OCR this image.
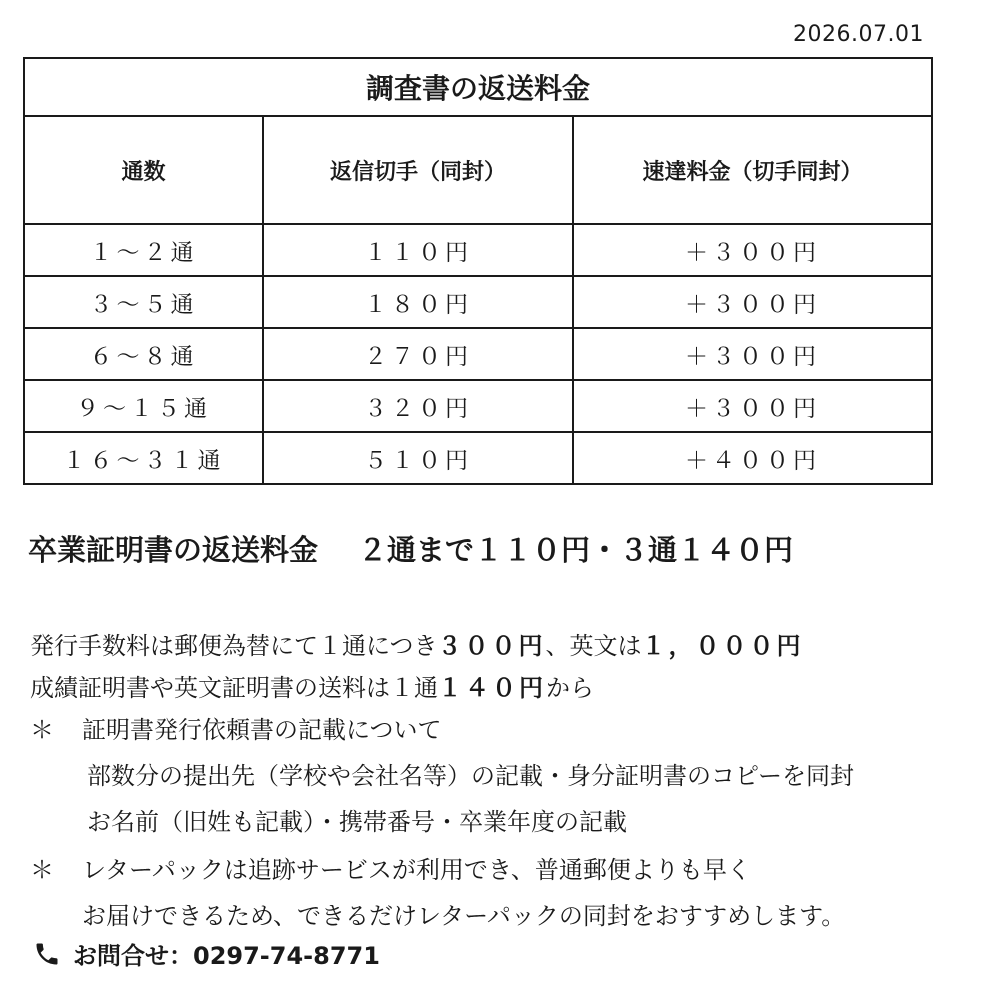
2026.07.01
調査書の返送料金		
通数	返信切手（同封）	速達料金（切手同封）
１～２通	１１０円	＋３００円
３～５通	１８０円	＋３００円
６～８通	２７０円	＋３００円
９～１５通	３２０円	＋３００円
１６～３１通	５１０円	＋４００円
卒業証明書の返送料金 ２通まで１１０円・３通１４０円
発行手数料は郵便為替にて１通につき３００円、英文は１，０００円
成績証明書や英文証明書の送料は１通１４０円から
＊ 証明書発行依頼書の記載について
部数分の提出先（学校や会社名等）の記載・身分証明書のコピーを同封
お名前（旧姓も記載）・携帯番号・卒業年度の記載
＊ レターパックは追跡サービスが利用でき、普通郵便よりも早く
お届けできるため、できるだけレターパックの同封をおすすめします。
お問合せ：0297-74-8771
